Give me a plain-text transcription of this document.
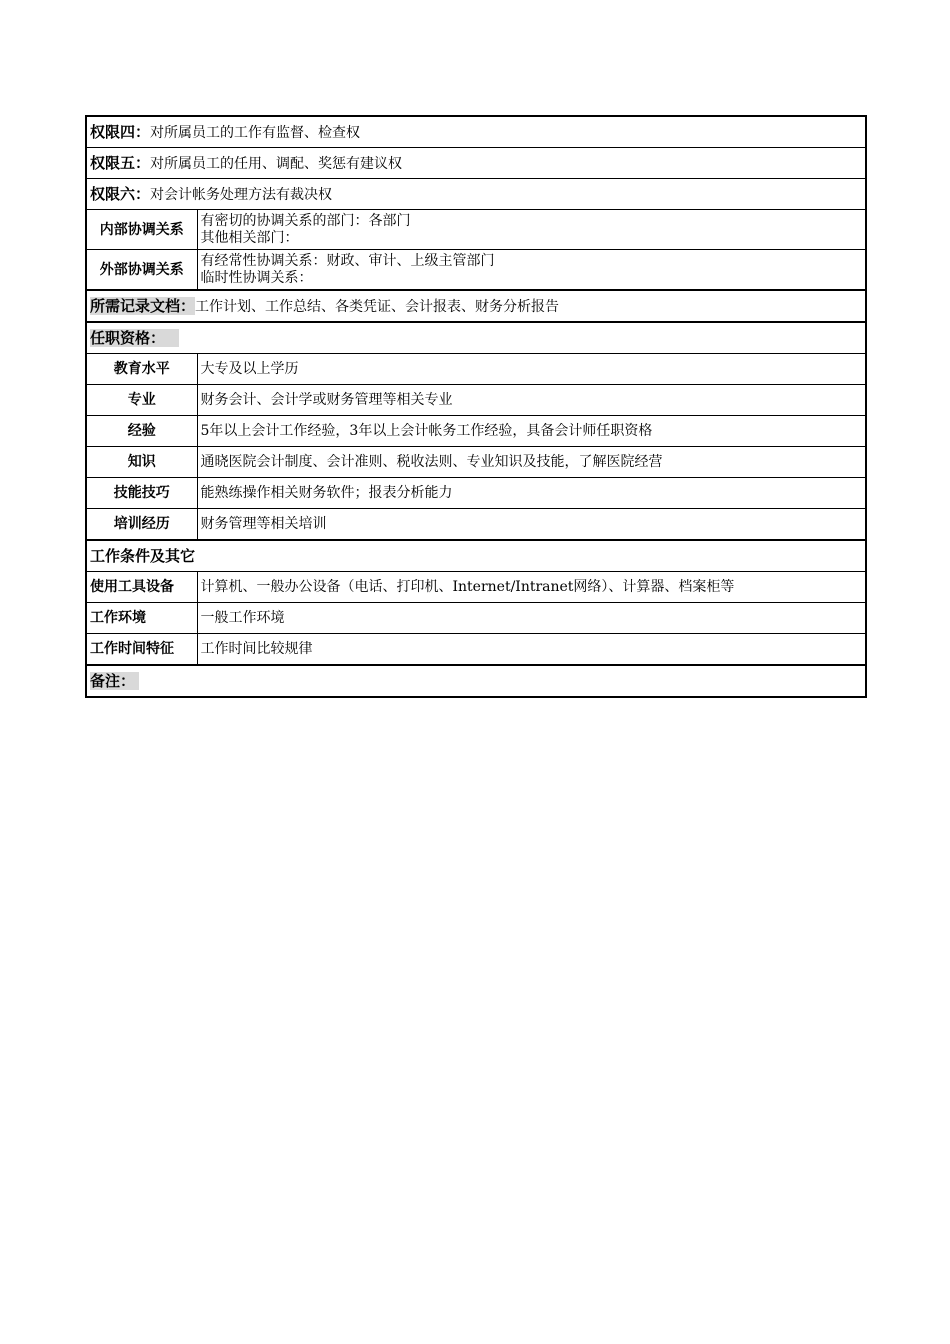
权限四：对所属员工的工作有监督、检查权	
权限五：对所属员工的任用、调配、奖惩有建议权	
权限六：对会计帐务处理方法有裁决权	
内部协调关系	有密切的协调关系的部门：各部门
其他相关部门：

外部协调关系	有经常性协调关系：财政、审计、上级主管部门
临时性协调关系：

所需记录文档：工作计划、工作总结、各类凭证、会计报表、财务分析报告	
任职资格：	
教育水平	大专及以上学历
专业	财务会计、会计学或财务管理等相关专业
经验	5年以上会计工作经验，3年以上会计帐务工作经验，具备会计师任职资格
知识	通晓医院会计制度、会计准则、税收法则、专业知识及技能，了解医院经营
技能技巧	能熟练操作相关财务软件；报表分析能力
培训经历	财务管理等相关培训
工作条件及其它	
使用工具设备	计算机、一般办公设备（电话、打印机、Internet/Intranet网络）、计算器、档案柜等
工作环境	一般工作环境
工作时间特征	工作时间比较规律
备注：	
